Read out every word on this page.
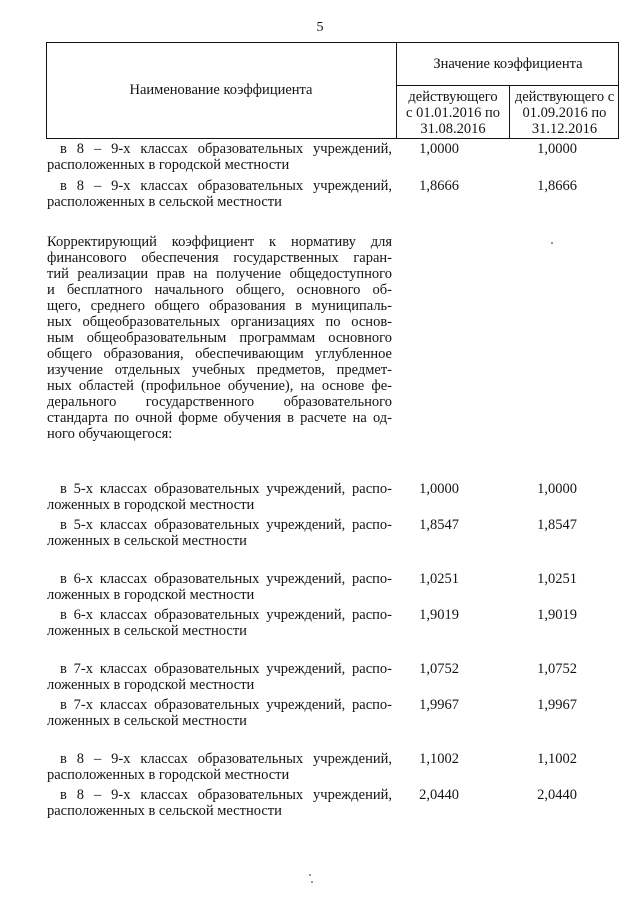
5
Наименование коэффициента
Значение коэффициента
действующего
с 01.01.2016 по
31.08.2016
действующего с
01.09.2016 по
31.12.2016
в 8 – 9-х классах образовательных учреждений,
расположенных в городской местности
1,0000	1,0000
в 8 – 9-х классах образовательных учреждений,
расположенных в сельской местности
1,8666	1,8666
Корректирующий коэффициент к нормативу для
финансового обеспечения государственных гаран-
тий реализации прав на получение общедоступного
и бесплатного начального общего, основного об-
щего, среднего общего образования в муниципаль-
ных общеобразовательных организациях по основ-
ным общеобразовательным программам основного
общего образования, обеспечивающим углубленное
изучение отдельных учебных предметов, предмет-
ных областей (профильное обучение), на основе фе-
дерального государственного образовательного
стандарта по очной форме обучения в расчете на од-
ного обучающегося:
в 5-х классах образовательных учреждений, распо-
ложенных в городской местности
1,0000	1,0000
в 5-х классах образовательных учреждений, распо-
ложенных в сельской местности
1,8547	1,8547
в 6-х классах образовательных учреждений, распо-
ложенных в городской местности
1,0251	1,0251
в 6-х классах образовательных учреждений, распо-
ложенных в сельской местности
1,9019	1,9019
в 7-х классах образовательных учреждений, распо-
ложенных в городской местности
1,0752	1,0752
в 7-х классах образовательных учреждений, распо-
ложенных в сельской местности
1,9967	1,9967
в 8 – 9-х классах образовательных учреждений,
расположенных в городской местности
1,1002	1,1002
в 8 – 9-х классах образовательных учреждений,
расположенных в сельской местности
2,0440	2,0440
